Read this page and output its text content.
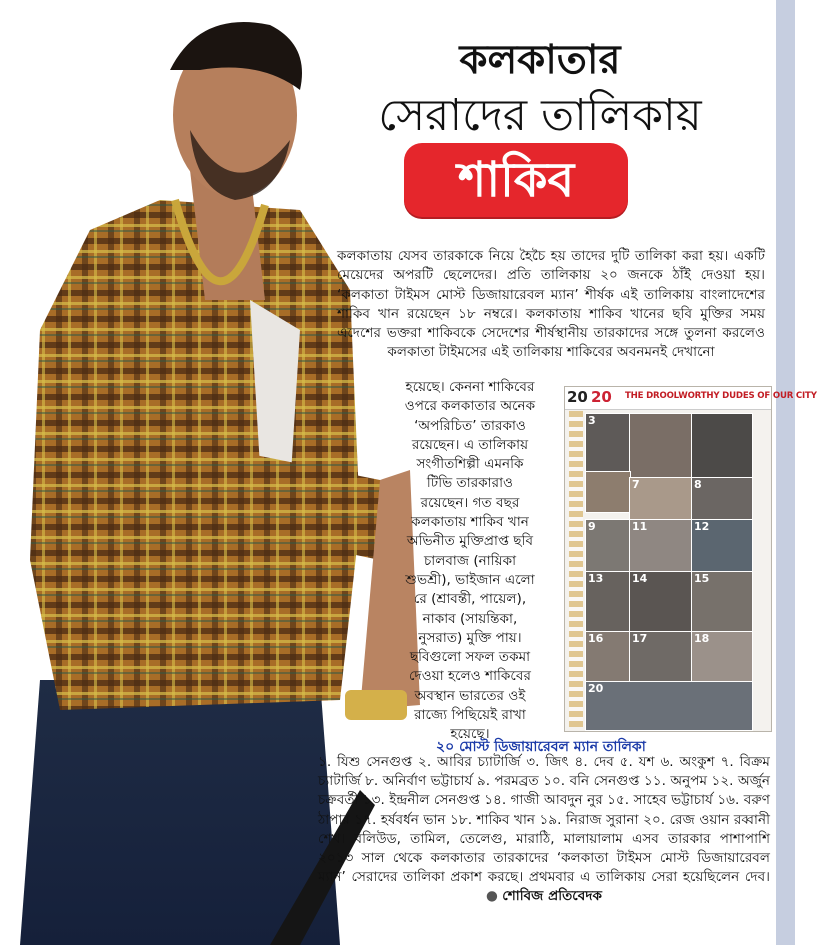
কলকাতার
সেরাদের তালিকায়
শাকিব
কলকাতায় যেসব তারকাকে নিয়ে হৈচৈ হয় তাদের দুটি তালিকা করা হয়। একটি মেয়েদের অপরটি ছেলেদের। প্রতি তালিকায় ২০ জনকে ঠাঁই দেওয়া হয়। ‘কলকাতা টাইমস মোস্ট ডিজায়ারেবল ম্যান’ শীর্ষক এই তালিকায় বাংলাদেশের শাকিব খান রয়েছেন ১৮ নম্বরে। কলকাতায় শাকিব খানের ছবি মুক্তির সময় এদেশের ভক্তরা শাকিবকে সেদেশের শীর্ষস্থানীয় তারকাদের সঙ্গে তুলনা করলেও কলকাতা টাইমসের এই তালিকায় শাকিবের অবনমনই দেখানো
হয়েছে। কেননা শাকিবের
ওপরে কলকাতার অনেক
‘অপরিচিত’ তারকাও
রয়েছেন। এ তালিকায়
সংগীতশিল্পী এমনকি
টিভি তারকারাও
রয়েছেন। গত বছর
কলকাতায় শাকিব খান
অভিনীত মুক্তিপ্রাপ্ত ছবি
চালবাজ (নায়িকা
শুভশ্রী), ভাইজান এলো
রে (শ্রাবন্তী, পায়েল),
নাকাব (সায়ন্তিকা,
নুসরাত) মুক্তি পায়।
ছবিগুলো সফল তকমা
দেওয়া হলেও শাকিবের
অবস্থান ভারতের ওই
রাজ্যে পিছিয়েই রাখা
হয়েছে।
20 20 THE DROOLWORTHY DUDES OF OUR CITY
3
7	8
9	11	12
13	14	15
16	17	18
20
২০ মোস্ট ডিজায়ারেবল ম্যান তালিকা
১. যিশু সেনগুপ্ত ২. আবির চ্যাটার্জি ৩. জিৎ ৪. দেব ৫. যশ ৬. অংকুশ ৭. বিক্রম চ্যাটার্জি ৮. অনির্বাণ ভট্টাচার্য ৯. পরমব্রত ১০. বনি সেনগুপ্ত ১১. অনুপম ১২. অর্জুন চক্রবর্তী ১৩. ইন্দ্রনীল সেনগুপ্ত ১৪. গাজী আবদুন নুর ১৫. সাহেব ভট্টাচার্য ১৬. বরুণ ঠাপার ১৭. হর্ষবর্ধন ভান ১৮. শাকিব খান ১৯. নিরাজ সুরানা ২০. রেজ ওয়ান রব্বানী শেখ। বলিউড, তামিল, তেলেগু, মারাঠি, মালায়ালাম এসব তারকার পাশাপাশি ২০১৩ সাল থেকে কলকাতার তারকাদের ‘কলকাতা টাইমস মোস্ট ডিজায়ারেবল ম্যান’ সেরাদের তালিকা প্রকাশ করছে। প্রথমবার এ তালিকায় সেরা হয়েছিলেন দেব। ● শোবিজ প্রতিবেদক
